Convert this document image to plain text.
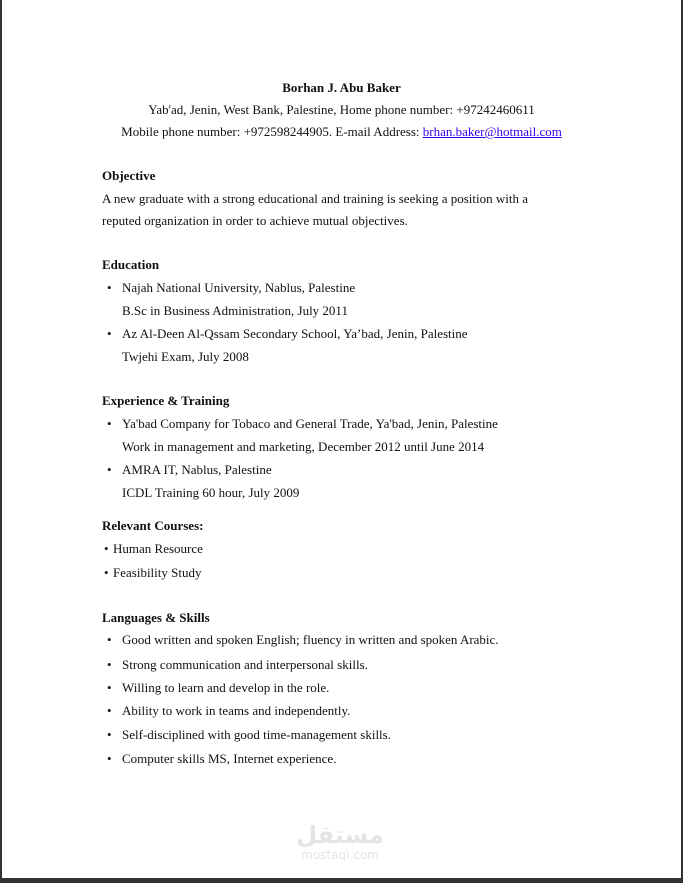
Borhan J. Abu Baker
Yab'ad, Jenin, West Bank, Palestine, Home phone number: +97242460611
Mobile phone number: +972598244905. E-mail Address: brhan.baker@hotmail.com
Objective
A new graduate with a strong educational and training is seeking a position with a
reputed organization in order to achieve mutual objectives.
Education
• Najah National University, Nablus, Palestine
B.Sc in Business Administration, July 2011
• Az Al-Deen Al-Qssam Secondary School, Ya’bad, Jenin, Palestine
Twjehi Exam, July 2008
Experience & Training
• Ya'bad Company for Tobaco and General Trade, Ya'bad, Jenin, Palestine
Work in management and marketing, December 2012 until June 2014
• AMRA IT, Nablus, Palestine
ICDL Training 60 hour, July 2009
Relevant Courses:
• Human Resource
• Feasibility Study
Languages & Skills
• Good written and spoken English; fluency in written and spoken Arabic.
• Strong communication and interpersonal skills.
• Willing to learn and develop in the role.
• Ability to work in teams and independently.
• Self-disciplined with good time-management skills.
• Computer skills MS, Internet experience.
مستقل
mostaql.com
